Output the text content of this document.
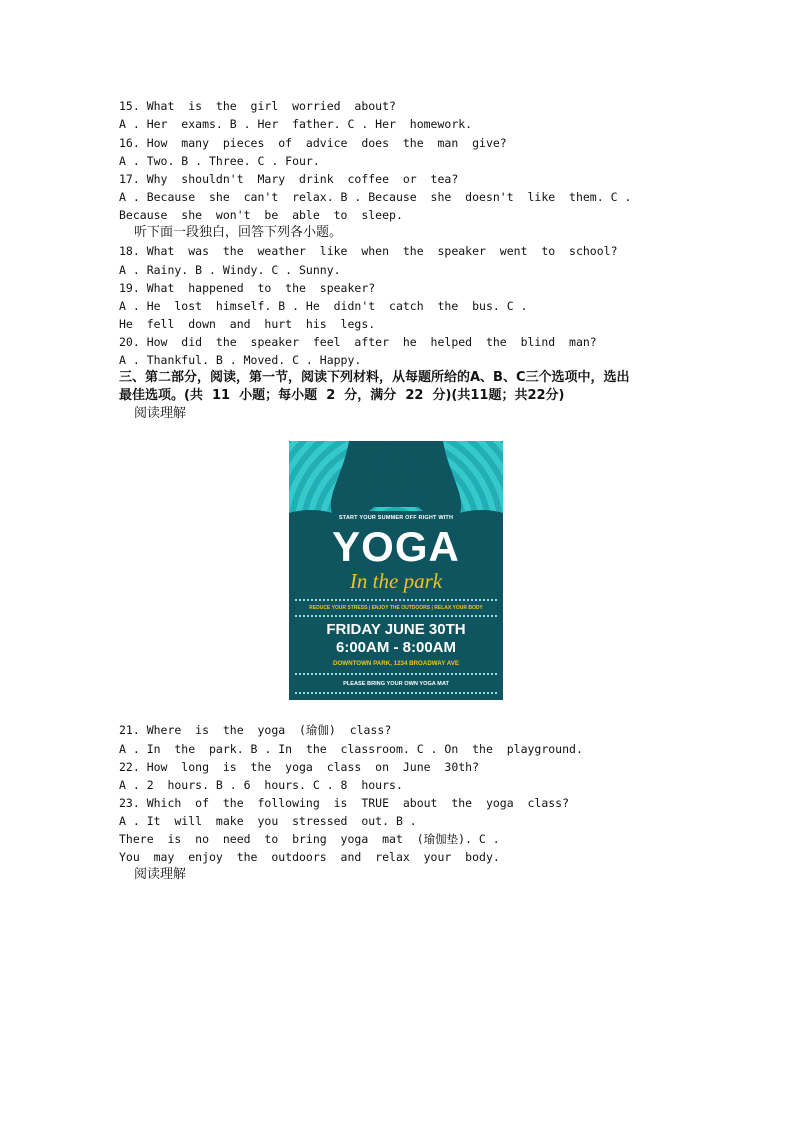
15. What  is  the  girl  worried  about?
A . Her  exams. B . Her  father. C . Her  homework.
16. How  many  pieces  of  advice  does  the  man  give?
A . Two. B . Three. C . Four.
17. Why  shouldn't  Mary  drink  coffee  or  tea?
A . Because  she  can't  relax. B . Because  she  doesn't  like  them. C .
Because  she  won't  be  able  to  sleep.
听下面一段独白，回答下列各小题。
18. What  was  the  weather  like  when  the  speaker  went  to  school?
A . Rainy. B . Windy. C . Sunny.
19. What  happened  to  the  speaker?
A . He  lost  himself. B . He  didn't  catch  the  bus. C .
He  fell  down  and  hurt  his  legs.
20. How  did  the  speaker  feel  after  he  helped  the  blind  man?
A . Thankful. B . Moved. C . Happy.
三、第二部分，阅读，第一节，阅读下列材料，从每题所给的A、B、C三个选项中，选出
最佳选项。(共  11  小题；每小题  2  分，满分  22  分)(共11题；共22分)
阅读理解
START YOUR SUMMER OFF RIGHT WITH
YOGA
In the park
REDUCE YOUR STRESS | ENJOY THE OUTDOORS | RELAX YOUR BODY
FRIDAY JUNE 30TH
6:00AM - 8:00AM
DOWNTOWN PARK, 1234 BROADWAY AVE
PLEASE BRING YOUR OWN YOGA MAT
21. Where  is  the  yoga  (瑜伽)  class?
A . In  the  park. B . In  the  classroom. C . On  the  playground.
22. How  long  is  the  yoga  class  on  June  30th?
A . 2  hours. B . 6  hours. C . 8  hours.
23. Which  of  the  following  is  TRUE  about  the  yoga  class?
A . It  will  make  you  stressed  out. B .
There  is  no  need  to  bring  yoga  mat  (瑜伽垫). C .
You  may  enjoy  the  outdoors  and  relax  your  body.
阅读理解
